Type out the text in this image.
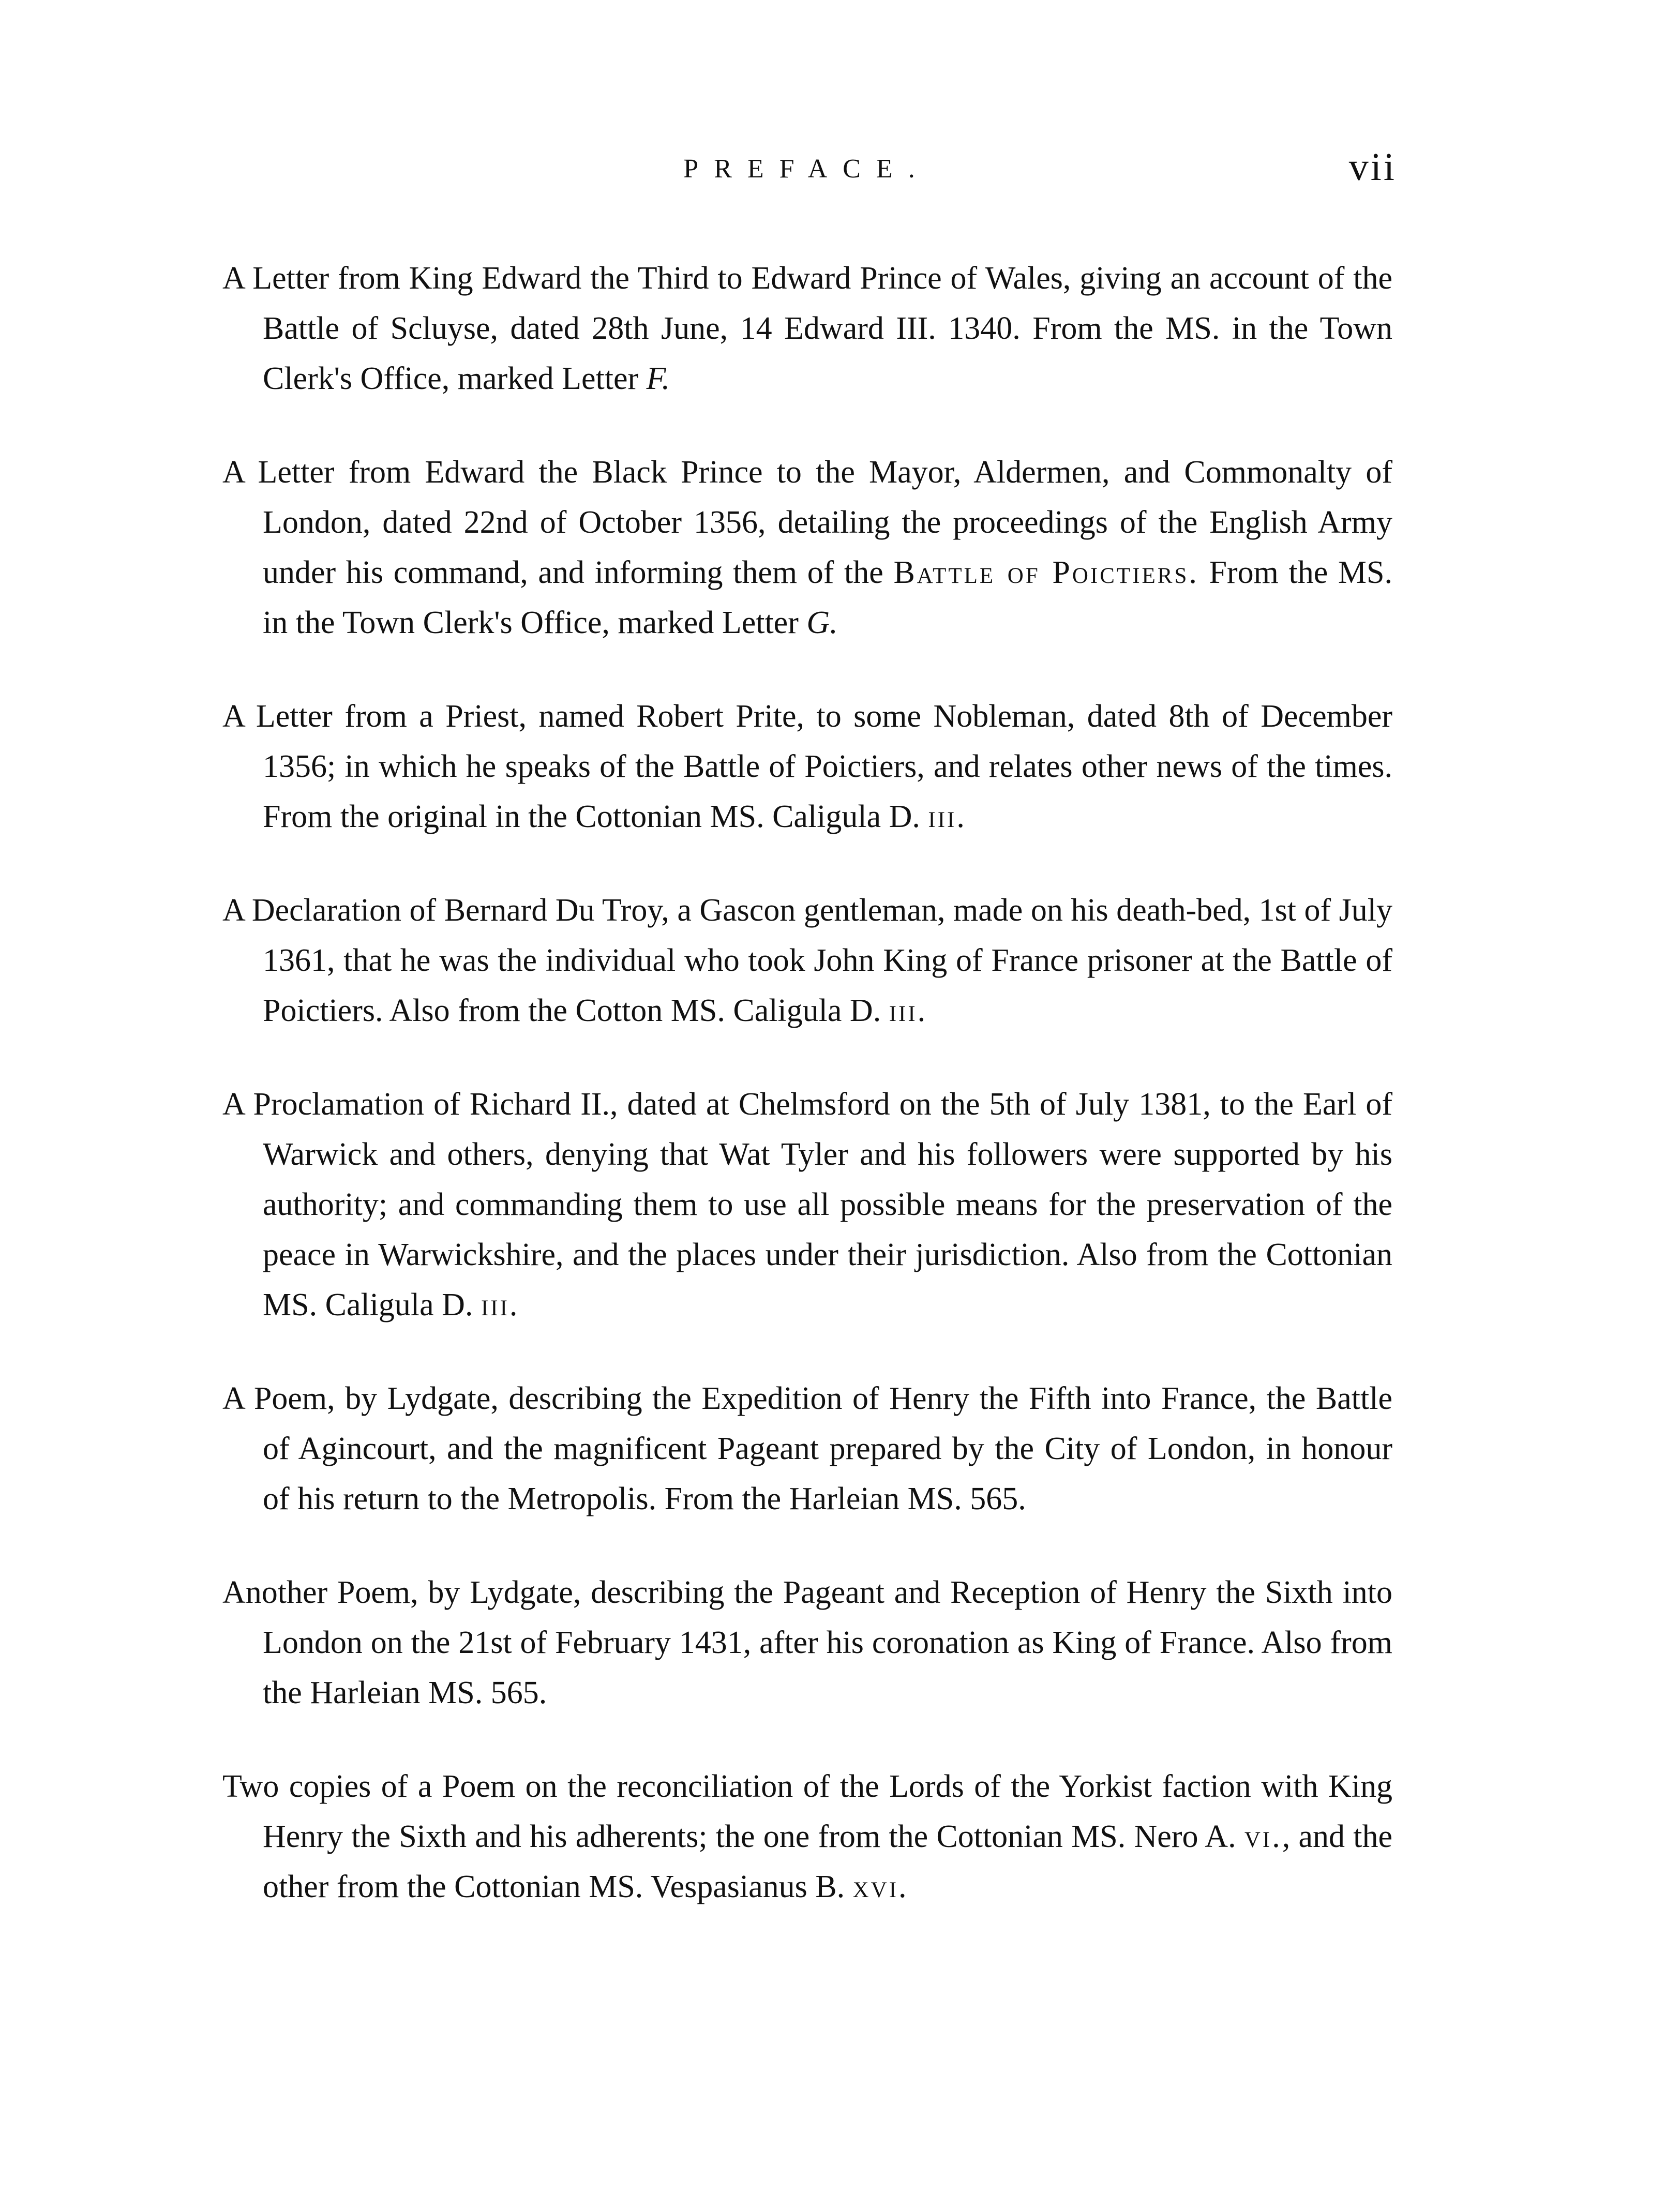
PREFACE.	vii

A Letter from King Edward the Third to Edward Prince of Wales, giving an account of the Battle of Scluyse, dated 28th June, 14 Edward III. 1340. From the MS. in the Town Clerk's Office, marked Letter F.

A Letter from Edward the Black Prince to the Mayor, Aldermen, and Commonalty of London, dated 22nd of October 1356, detailing the proceedings of the English Army under his command, and informing them of the Battle of Poictiers. From the MS. in the Town Clerk's Office, marked Letter G.

A Letter from a Priest, named Robert Prite, to some Nobleman, dated 8th of December 1356; in which he speaks of the Battle of Poictiers, and relates other news of the times. From the original in the Cottonian MS. Caligula D. iii.

A Declaration of Bernard Du Troy, a Gascon gentleman, made on his death-bed, 1st of July 1361, that he was the individual who took John King of France prisoner at the Battle of Poictiers. Also from the Cotton MS. Caligula D. iii.

A Proclamation of Richard II., dated at Chelmsford on the 5th of July 1381, to the Earl of Warwick and others, denying that Wat Tyler and his followers were supported by his authority; and commanding them to use all possible means for the preservation of the peace in Warwickshire, and the places under their jurisdiction. Also from the Cottonian MS. Caligula D. iii.

A Poem, by Lydgate, describing the Expedition of Henry the Fifth into France, the Battle of Agincourt, and the magnificent Pageant prepared by the City of London, in honour of his return to the Metropolis. From the Harleian MS. 565.

Another Poem, by Lydgate, describing the Pageant and Reception of Henry the Sixth into London on the 21st of February 1431, after his coronation as King of France. Also from the Harleian MS. 565.

Two copies of a Poem on the reconciliation of the Lords of the Yorkist faction with King Henry the Sixth and his adherents; the one from the Cottonian MS. Nero A. vi., and the other from the Cottonian MS. Vespasianus B. xvi.
